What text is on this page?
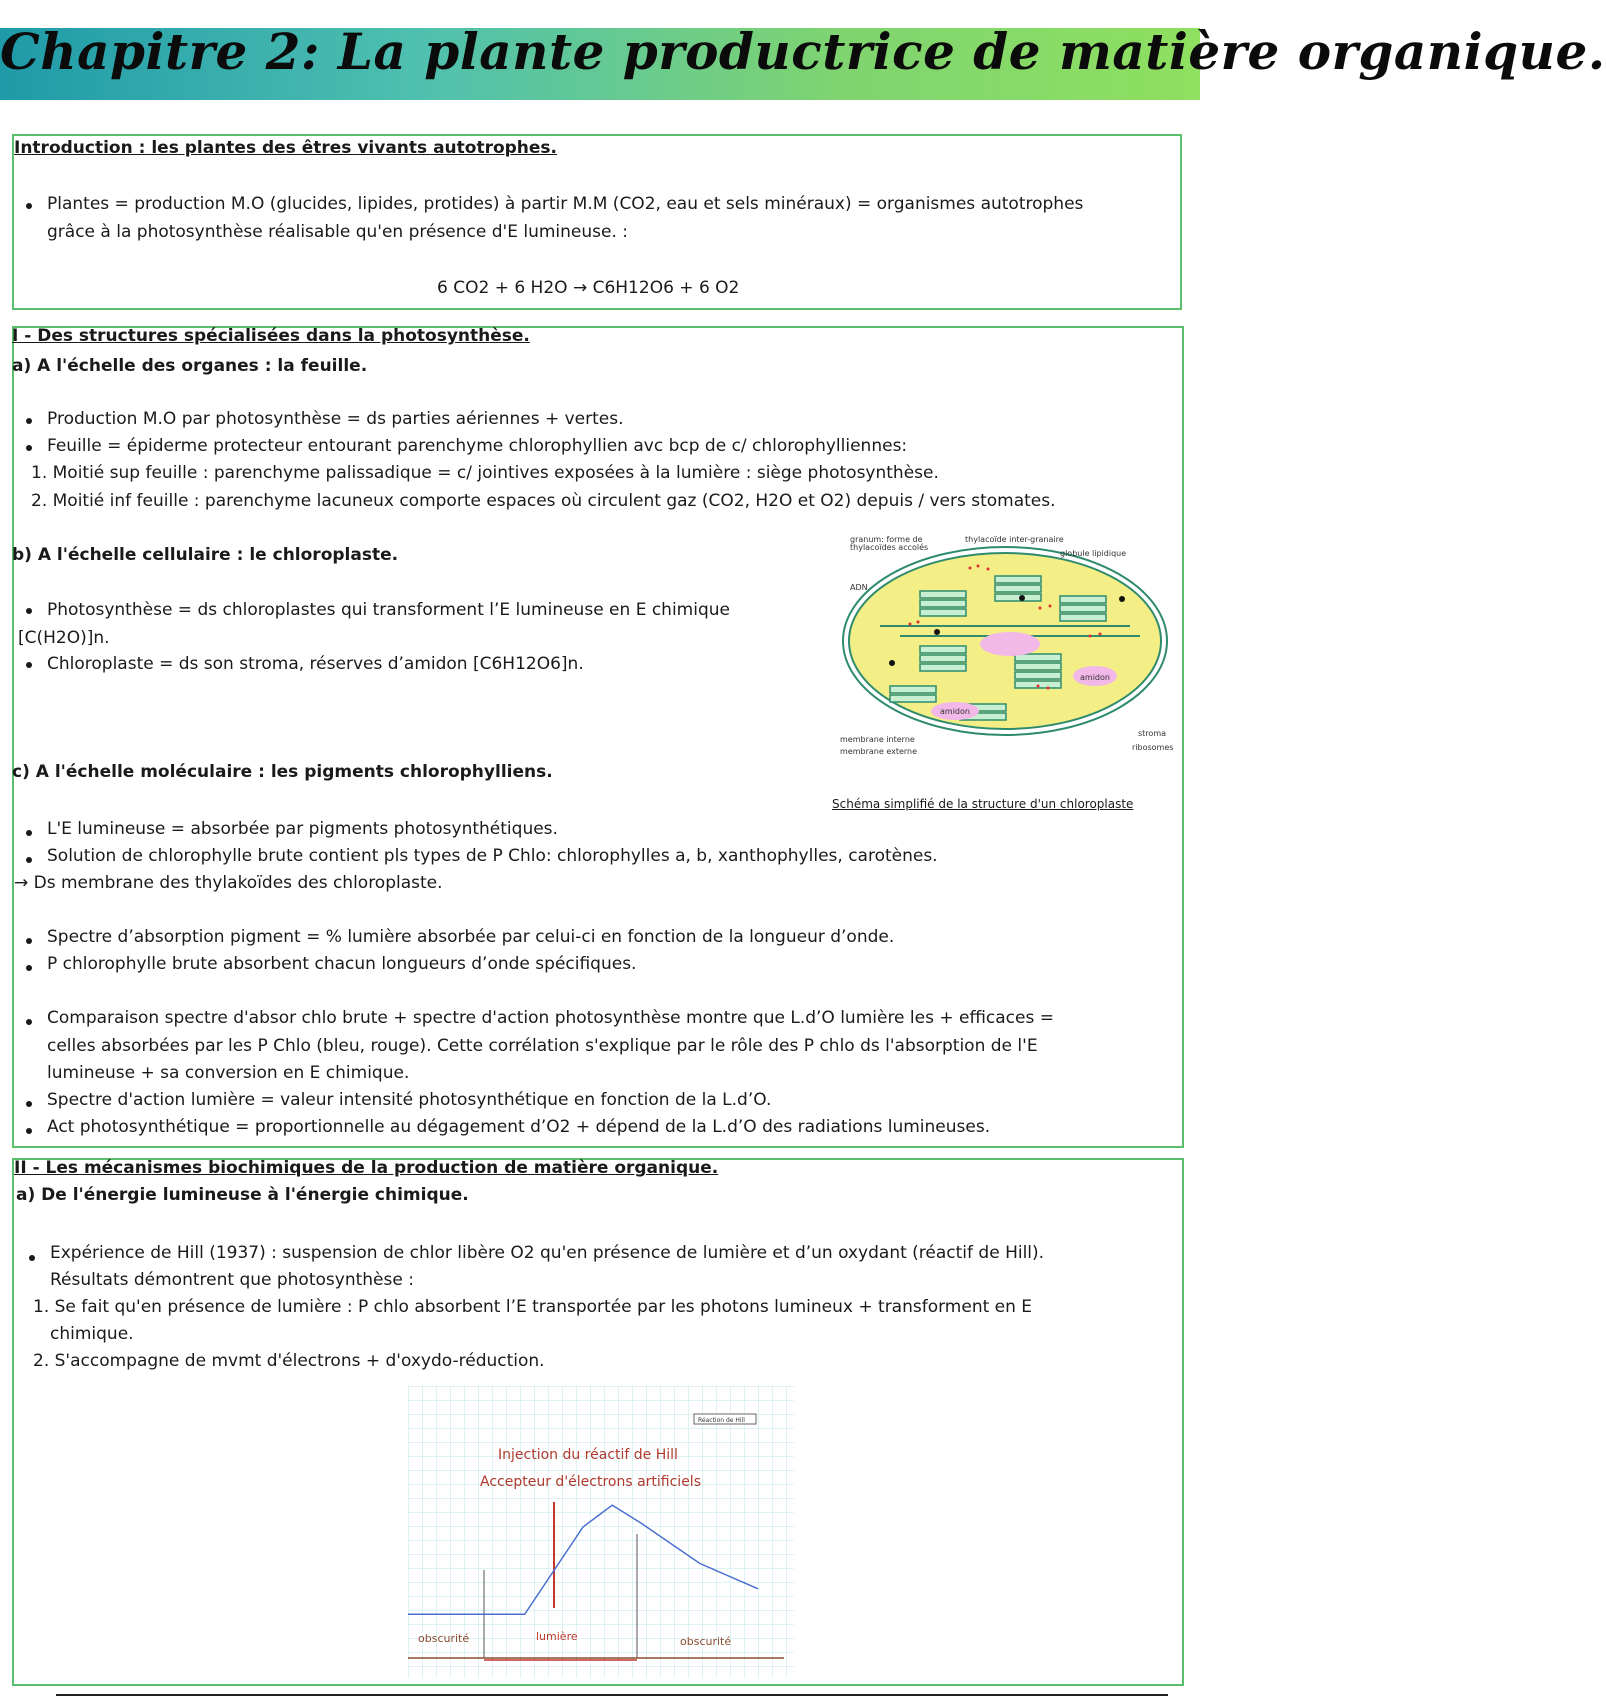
Chapitre 2: La plante productrice de matière organique.
Introduction : les plantes des êtres vivants autotrophes.
Plantes = production M.O (glucides, lipides, protides) à partir M.M (CO2, eau et sels minéraux) = organismes autotrophes
grâce à la photosynthèse réalisable qu'en présence d'E lumineuse. :
6 CO2 + 6 H2O → C6H12O6 + 6 O2
I - Des structures spécialisées dans la photosynthèse.
a) A l'échelle des organes : la feuille.
Production M.O par photosynthèse = ds parties aériennes + vertes.
Feuille = épiderme protecteur entourant parenchyme chlorophyllien avc bcp de c/ chlorophylliennes:
1. Moitié sup feuille : parenchyme palissadique = c/ jointives exposées à la lumière : siège photosynthèse.
2. Moitié inf feuille : parenchyme lacuneux comporte espaces où circulent gaz (CO2, H2O et O2) depuis / vers stomates.
b) A l'échelle cellulaire : le chloroplaste.
Photosynthèse = ds chloroplastes qui transforment l’E lumineuse en E chimique
[C(H2O)]n.
Chloroplaste = ds son stroma, réserves d’amidon [C6H12O6]n.
granum: forme de
thylacoïdes accolés
thylacoïde inter-granaire
globule lipidique
ADN
amidon
amidon
stroma
ribosomes
membrane interne
membrane externe
Schéma simplifié de la structure d'un chloroplaste
c) A l'échelle moléculaire : les pigments chlorophylliens.
L'E lumineuse = absorbée par pigments photosynthétiques.
Solution de chlorophylle brute contient pls types de P Chlo: chlorophylles a, b, xanthophylles, carotènes.
→ Ds membrane des thylakoïdes des chloroplaste.
Spectre d’absorption pigment = % lumière absorbée par celui-ci en fonction de la longueur d’onde.
P chlorophylle brute absorbent chacun longueurs d’onde spécifiques.
Comparaison spectre d'absor chlo brute + spectre d'action photosynthèse montre que L.d’O lumière les + efficaces =
celles absorbées par les P Chlo (bleu, rouge). Cette corrélation s'explique par le rôle des P chlo ds l'absorption de l'E
lumineuse + sa conversion en E chimique.
Spectre d'action lumière = valeur intensité photosynthétique en fonction de la L.d’O.
Act photosynthétique = proportionnelle au dégagement d’O2 + dépend de la L.d’O des radiations lumineuses.
II - Les mécanismes biochimiques de la production de matière organique.
a) De l'énergie lumineuse à l'énergie chimique.
Expérience de Hill (1937) : suspension de chlor libère O2 qu'en présence de lumière et d’un oxydant (réactif de Hill).
Résultats démontrent que photosynthèse :
1. Se fait qu'en présence de lumière : P chlo absorbent l’E transportée par les photons lumineux + transforment en E
chimique.
2. S'accompagne de mvmt d'électrons + d'oxydo-réduction.
Réaction de Hill
Injection du réactif de Hill
Accepteur d'électrons artificiels
obscurité	lumière	obscurité
